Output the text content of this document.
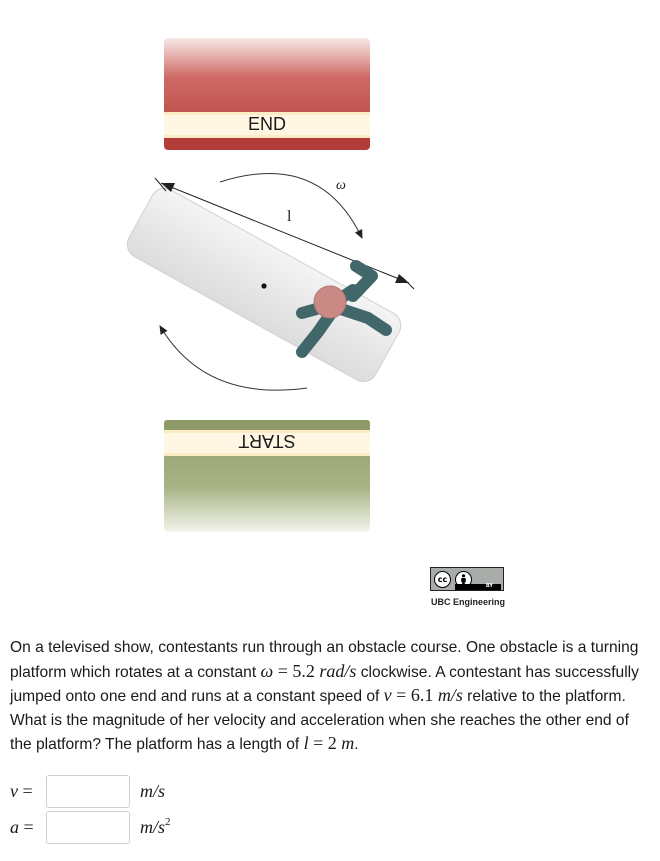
END
START
ω
l
cc
BY
UBC Engineering
On a televised show, contestants run through an obstacle course. One obstacle is a turning platform which rotates at a constant ω = 5.2 rad/s clockwise. A contestant has successfully jumped onto one end and runs at a constant speed of v = 6.1 m/s relative to the platform. What is the magnitude of her velocity and acceleration when she reaches the other end of the platform? The platform has a length of l = 2 m.
v =	m/s
a =	$m/s^2$
